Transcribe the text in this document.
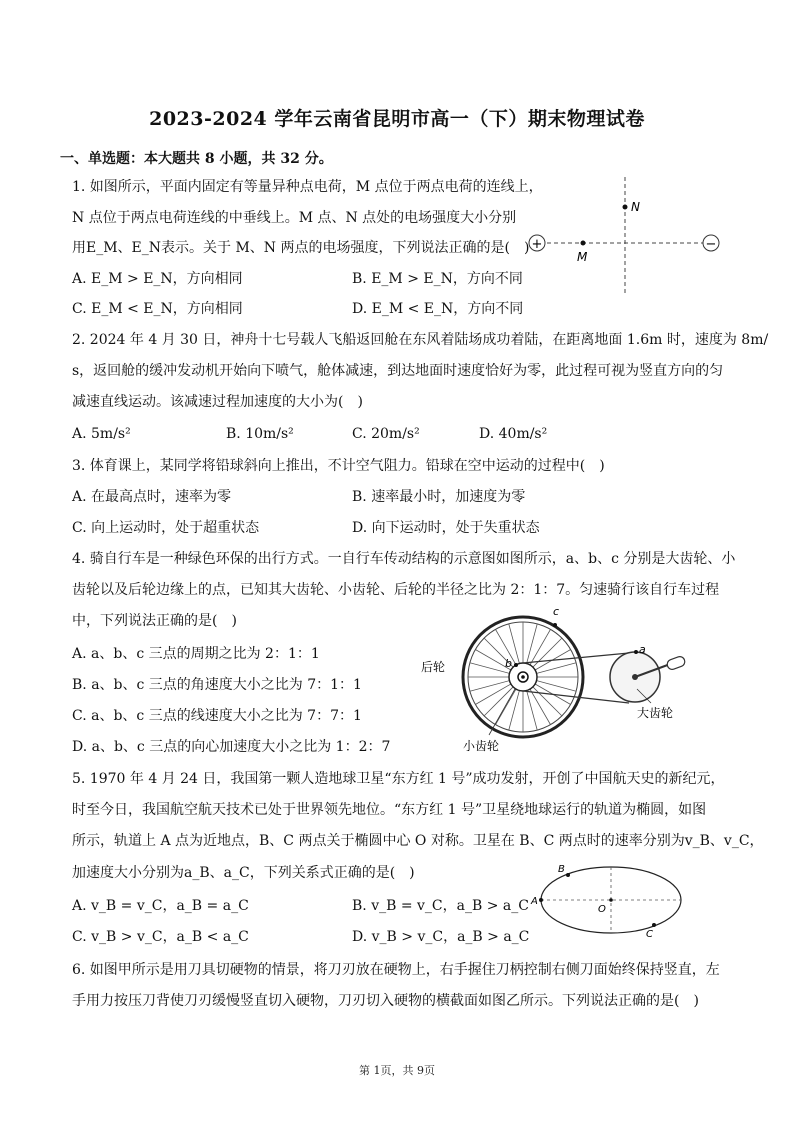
2023-2024 学年云南省昆明市高一（下）期末物理试卷
一、单选题：本大题共 8 小题，共 32 分。
1. 如图所示，平面内固定有等量异种点电荷，M 点位于两点电荷的连线上，
N 点位于两点电荷连线的中垂线上。M 点、N 点处的电场强度大小分别
用E_M、E_N表示。关于 M、N 两点的电场强度，下列说法正确的是(　)
A. E_M > E_N，方向相同	B. E_M > E_N，方向不同
C. E_M < E_N，方向相同	D. E_M < E_N，方向不同
+	−
M
N
2. 2024 年 4 月 30 日，神舟十七号载人飞船返回舱在东风着陆场成功着陆，在距离地面 1.6m 时，速度为 8m/
s，返回舱的缓冲发动机开始向下喷气，舱体减速，到达地面时速度恰好为零，此过程可视为竖直方向的匀
减速直线运动。该减速过程加速度的大小为(　)
A. 5m/s²	B. 10m/s²	C. 20m/s²	D. 40m/s²
3. 体育课上，某同学将铅球斜向上推出，不计空气阻力。铅球在空中运动的过程中(　)
A. 在最高点时，速率为零	B. 速率最小时，加速度为零
C. 向上运动时，处于超重状态	D. 向下运动时，处于失重状态
4. 骑自行车是一种绿色环保的出行方式。一自行车传动结构的示意图如图所示，a、b、c 分别是大齿轮、小
齿轮以及后轮边缘上的点，已知其大齿轮、小齿轮、后轮的半径之比为 2：1：7。匀速骑行该自行车过程
中，下列说法正确的是(　)
A. a、b、c 三点的周期之比为 2：1：1
B. a、b、c 三点的角速度大小之比为 7：1：1
C. a、b、c 三点的线速度大小之比为 7：7：1
D. a、b、c 三点的向心加速度大小之比为 1：2：7
a
b
c
后轮
大齿轮
小齿轮
5. 1970 年 4 月 24 日，我国第一颗人造地球卫星“东方红 1 号”成功发射，开创了中国航天史的新纪元，
时至今日，我国航空航天技术已处于世界领先地位。“东方红 1 号”卫星绕地球运行的轨道为椭圆，如图
所示，轨道上 A 点为近地点，B、C 两点关于椭圆中心 O 对称。卫星在 B、C 两点时的速率分别为v_B、v_C，
加速度大小分别为a_B、a_C，下列关系式正确的是(　)
A. v_B = v_C，a_B = a_C	B. v_B = v_C，a_B > a_C
C. v_B > v_C，a_B < a_C	D. v_B > v_C，a_B > a_C
O
A
B
C
6. 如图甲所示是用刀具切硬物的情景，将刀刃放在硬物上，右手握住刀柄控制右侧刀面始终保持竖直，左
手用力按压刀背使刀刃缓慢竖直切入硬物，刀刃切入硬物的横截面如图乙所示。下列说法正确的是(　)
第 1页，共 9页
